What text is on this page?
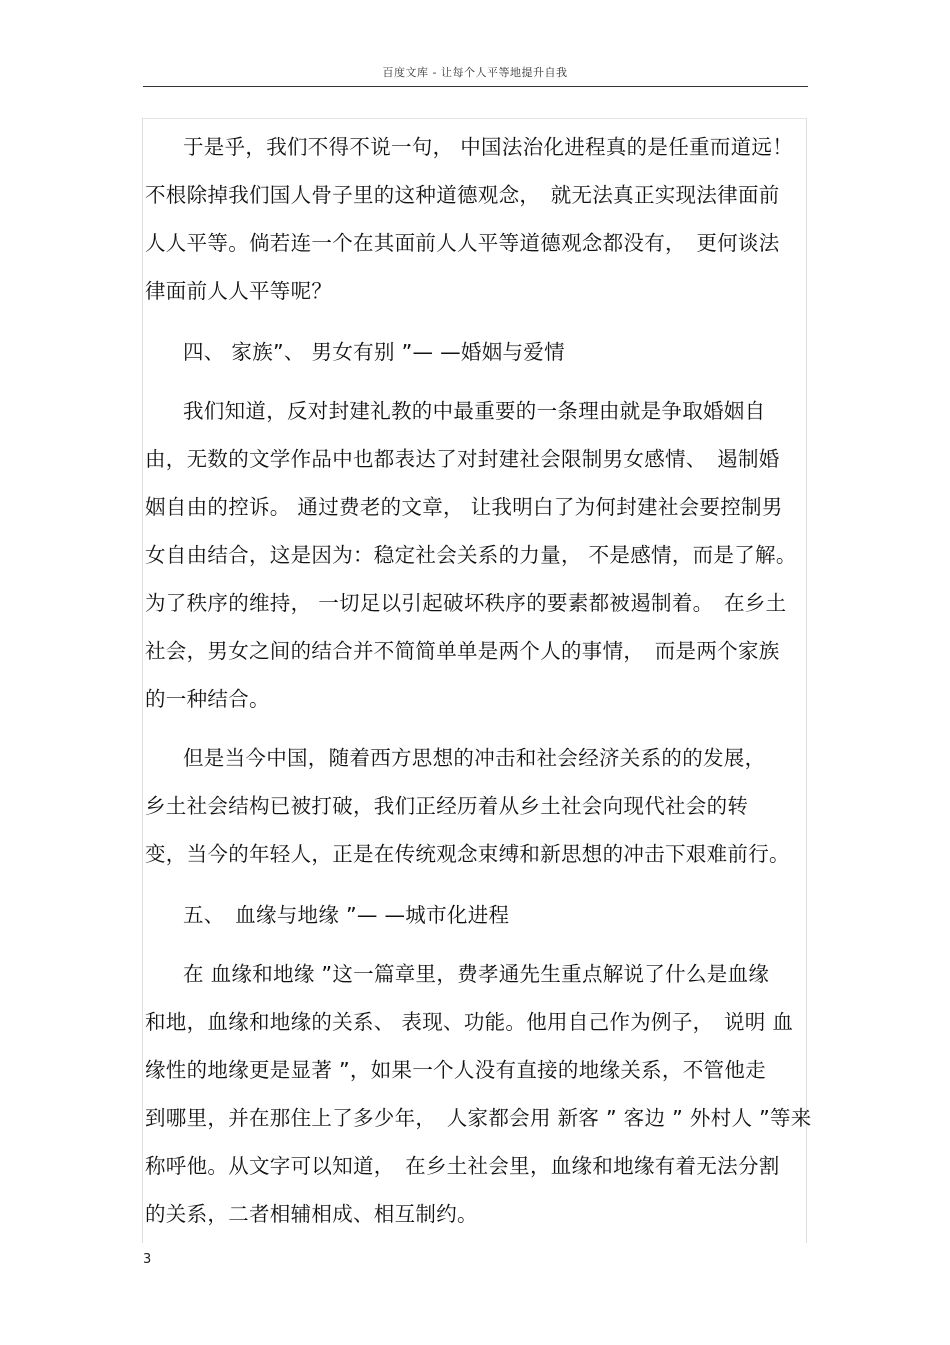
百度文库 - 让每个人平等地提升自我
于是乎，我们不得不说一句， 中国法治化进程真的是任重而道远！
不根除掉我们国人骨子里的这种道德观念，　就无法真正实现法律面前
人人平等。倘若连一个在其面前人人平等道德观念都没有，　更何谈法
律面前人人平等呢？
四、 家族”、 男女有别 ”— —婚姻与爱情
我们知道，反对封建礼教的中最重要的一条理由就是争取婚姻自
由，无数的文学作品中也都表达了对封建社会限制男女感情、　遏制婚
姻自由的控诉。 通过费老的文章， 让我明白了为何封建社会要控制男
女自由结合，这是因为：稳定社会关系的力量， 不是感情，而是了解。
为了秩序的维持， 一切足以引起破坏秩序的要素都被遏制着。　在乡土
社会，男女之间的结合并不简简单单是两个人的事情，　而是两个家族
的一种结合。
但是当今中国，随着西方思想的冲击和社会经济关系的的发展，
乡土社会结构已被打破，我们正经历着从乡土社会向现代社会的转
变，当今的年轻人，正是在传统观念束缚和新思想的冲击下艰难前行。
五、　血缘与地缘 ”— —城市化进程
在 血缘和地缘 ”这一篇章里，费孝通先生重点解说了什么是血缘
和地，血缘和地缘的关系、 表现、功能。他用自己作为例子，　说明 血
缘性的地缘更是显著 ”，如果一个人没有直接的地缘关系，不管他走
到哪里，并在那住上了多少年，　人家都会用 新客 ” 客边 ” 外村人 ”等来
称呼他。从文字可以知道，　在乡土社会里，血缘和地缘有着无法分割
的关系，二者相辅相成、相互制约。
3
